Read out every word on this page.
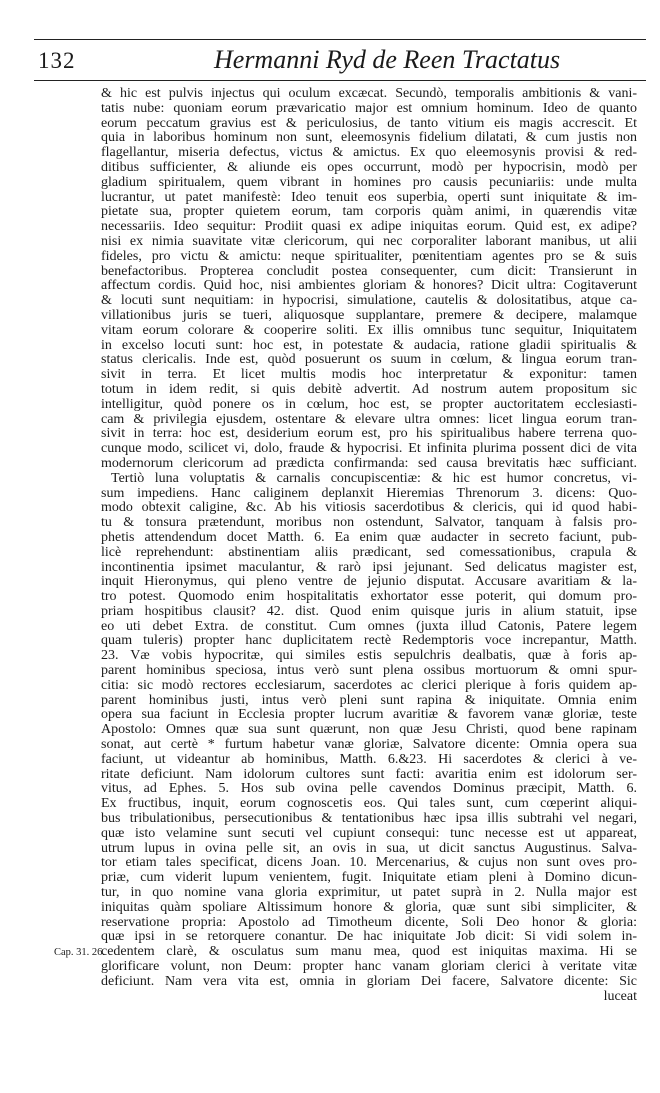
132	Hermanni Ryd de Reen Tractatus
& hic est pulvis injectus qui oculum excæcat. Secundò, temporalis ambitionis & vani-
tatis nube: quoniam eorum prævaricatio major est omnium hominum. Ideo de quanto
eorum peccatum gravius est & periculosius, de tanto vitium eis magis accrescit. Et
quia in laboribus hominum non sunt, eleemosynis fidelium dilatati, & cum justis non
flagellantur, miseria defectus, victus & amictus. Ex quo eleemosynis provisi & red-
ditibus sufficienter, & aliunde eis opes occurrunt, modò per hypocrisin, modò per
gladium spiritualem, quem vibrant in homines pro causis pecuniariis: unde multa
lucrantur, ut patet manifestè: Ideo tenuit eos superbia, operti sunt iniquitate & im-
pietate sua, propter quietem eorum, tam corporis quàm animi, in quærendis vitæ
necessariis. Ideo sequitur: Prodiit quasi ex adipe iniquitas eorum. Quid est, ex adipe?
nisi ex nimia suavitate vitæ clericorum, qui nec corporaliter laborant manibus, ut alii
fideles, pro victu & amictu: neque spiritualiter, pœnitentiam agentes pro se & suis
benefactoribus. Propterea concludit postea consequenter, cum dicit: Transierunt in
affectum cordis. Quid hoc, nisi ambientes gloriam & honores? Dicit ultra: Cogitaverunt
& locuti sunt nequitiam: in hypocrisi, simulatione, cautelis & dolositatibus, atque ca-
villationibus juris se tueri, aliquosque supplantare, premere & decipere, malamque
vitam eorum colorare & cooperire soliti. Ex illis omnibus tunc sequitur, Iniquitatem
in excelso locuti sunt: hoc est, in potestate & audacia, ratione gladii spiritualis &
status clericalis. Inde est, quòd posuerunt os suum in cœlum, & lingua eorum tran-
sivit in terra. Et licet multis modis hoc interpretatur & exponitur: tamen
totum in idem redit, si quis debitè advertit. Ad nostrum autem propositum sic
intelligitur, quòd ponere os in cœlum, hoc est, se propter auctoritatem ecclesiasti-
cam & privilegia ejusdem, ostentare & elevare ultra omnes: licet lingua eorum tran-
sivit in terra: hoc est, desiderium eorum est, pro his spiritualibus habere terrena quo-
cunque modo, scilicet vi, dolo, fraude & hypocrisi. Et infinita plurima possent dici de vita
modernorum clericorum ad prædicta confirmanda: sed causa brevitatis hæc sufficiant.
Tertiò luna voluptatis & carnalis concupiscentiæ: & hic est humor concretus, vi-
sum impediens. Hanc caliginem deplanxit Hieremias Threnorum 3. dicens: Quo-
modo obtexit caligine, &c. Ab his vitiosis sacerdotibus & clericis, qui id quod habi-
tu & tonsura prætendunt, moribus non ostendunt, Salvator, tanquam à falsis pro-
phetis attendendum docet Matth. 6. Ea enim quæ audacter in secreto faciunt, pub-
licè reprehendunt: abstinentiam aliis prædicant, sed comessationibus, crapula &
incontinentia ipsimet maculantur, & rarò ipsi jejunant. Sed delicatus magister est,
inquit Hieronymus, qui pleno ventre de jejunio disputat. Accusare avaritiam & la-
tro potest. Quomodo enim hospitalitatis exhortator esse poterit, qui domum pro-
priam hospitibus clausit? 42. dist. Quod enim quisque juris in alium statuit, ipse
eo uti debet Extra. de constitut. Cum omnes (juxta illud Catonis, Patere legem
quam tuleris) propter hanc duplicitatem rectè Redemptoris voce increpantur, Matth.
23. Væ vobis hypocritæ, qui similes estis sepulchris dealbatis, quæ à foris ap-
parent hominibus speciosa, intus verò sunt plena ossibus mortuorum & omni spur-
citia: sic modò rectores ecclesiarum, sacerdotes ac clerici plerique à foris quidem ap-
parent hominibus justi, intus verò pleni sunt rapina & iniquitate. Omnia enim
opera sua faciunt in Ecclesia propter lucrum avaritiæ & favorem vanæ gloriæ, teste
Apostolo: Omnes quæ sua sunt quærunt, non quæ Jesu Christi, quod bene rapinam
sonat, aut certè * furtum habetur vanæ gloriæ, Salvatore dicente: Omnia opera sua
faciunt, ut videantur ab hominibus, Matth. 6.&23. Hi sacerdotes & clerici à ve-
ritate deficiunt. Nam idolorum cultores sunt facti: avaritia enim est idolorum ser-
vitus, ad Ephes. 5. Hos sub ovina pelle cavendos Dominus præcipit, Matth. 6.
Ex fructibus, inquit, eorum cognoscetis eos. Qui tales sunt, cum cœperint aliqui-
bus tribulationibus, persecutionibus & tentationibus hæc ipsa illis subtrahi vel negari,
quæ isto velamine sunt secuti vel cupiunt consequi: tunc necesse est ut appareat,
utrum lupus in ovina pelle sit, an ovis in sua, ut dicit sanctus Augustinus. Salva-
tor etiam tales specificat, dicens Joan. 10. Mercenarius, & cujus non sunt oves pro-
priæ, cum viderit lupum venientem, fugit. Iniquitate etiam pleni à Domino dicun-
tur, in quo nomine vana gloria exprimitur, ut patet suprà in 2. Nulla major est
iniquitas quàm spoliare Altissimum honore & gloria, quæ sunt sibi simpliciter, &
reservatione propria: Apostolo ad Timotheum dicente, Soli Deo honor & gloria:
quæ ipsi in se retorquere conantur. De hac iniquitate Job dicit: Si vidi solem in-
cedentem clarè, & osculatus sum manu mea, quod est iniquitas maxima. Hi se
glorificare volunt, non Deum: propter hanc vanam gloriam clerici à veritate vitæ
deficiunt. Nam vera vita est, omnia in gloriam Dei facere, Salvatore dicente: Sic
luceat
Cap. 31. 26.
